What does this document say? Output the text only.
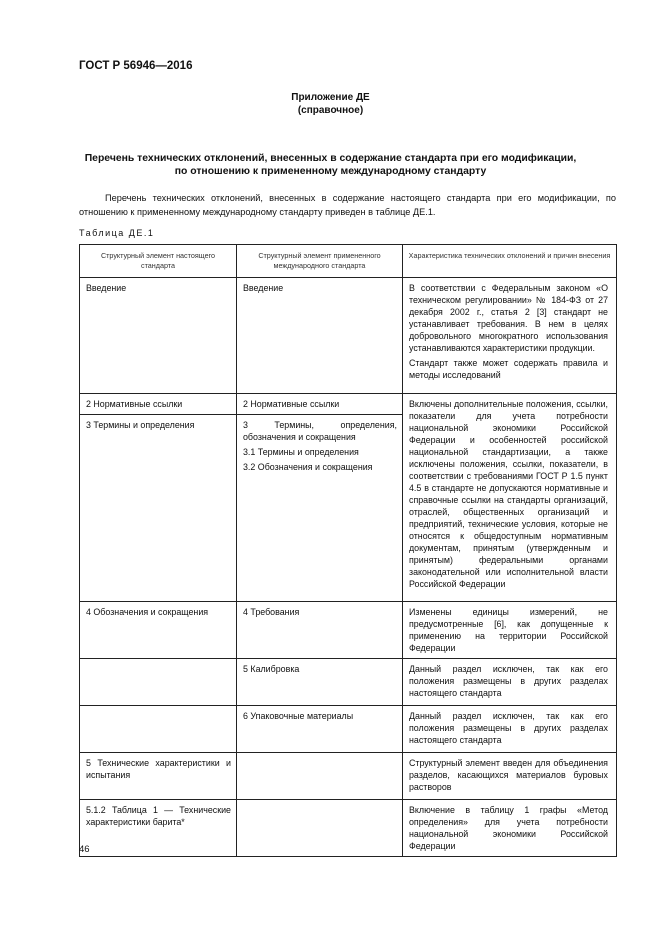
ГОСТ Р 56946—2016
Приложение ДЕ
(справочное)
Перечень технических отклонений, внесенных в содержание стандарта при его модификации,
по отношению к примененному международному стандарту
Перечень технических отклонений, внесенных в содержание настоящего стандарта при его модификации, по отношению к примененному международному стандарту приведен в таблице ДЕ.1.
Таблица ДЕ.1
Структурный элемент настоящего стандарта	Структурный элемент примененного международного стандарта	Характеристика технических отклонений и причин внесения
Введение	Введение	В соответствии с Федеральным законом «О техническом регулировании» № 184-ФЗ от 27 декабря 2002 г., статья 2 [3] стандарт не устанавливает требования. В нем в целях добровольного многократного использования устанавливаются характеристики продукции.

Стандарт также может содержать правила и методы исследований

2 Нормативные ссылки	2 Нормативные ссылки	Включены дополнительные положения, ссылки, показатели для учета потребности национальной экономики Российской Федерации и особенностей российской национальной стандартизации, а также исключены положения, ссылки, показатели, в соответствии с требованиями ГОСТ Р 1.5 пункт 4.5 в стандарте не допускаются нормативные и справочные ссылки на стандарты организаций, отраслей, общественных организаций и предприятий, технические условия, которые не относятся к общедоступным нормативным документам, принятым (утвержденным и принятым) федеральными органами законодательной или исполнительной власти Российской Федерации
3 Термины и определения	3 Термины, определения, обозначения и сокращения

3.1 Термины и определения

3.2 Обозначения и сокращения	

4 Обозначения и сокращения	4 Требования	Изменены единицы измерений, не предусмотренные [6], как допущенные к применению на территории Российской Федерации
	5 Калибровка	Данный раздел исключен, так как его положения размещены в других разделах настоящего стандарта
	6 Упаковочные материалы	Данный раздел исключен, так как его положения размещены в других разделах настоящего стандарта
5 Технические характеристики и испытания		Структурный элемент введен для объединения разделов, касающихся материалов буровых растворов
5.1.2 Таблица 1 — Технические характеристики барита*		Включение в таблицу 1 графы «Метод определения» для учета потребности национальной экономики Российской Федерации
46
